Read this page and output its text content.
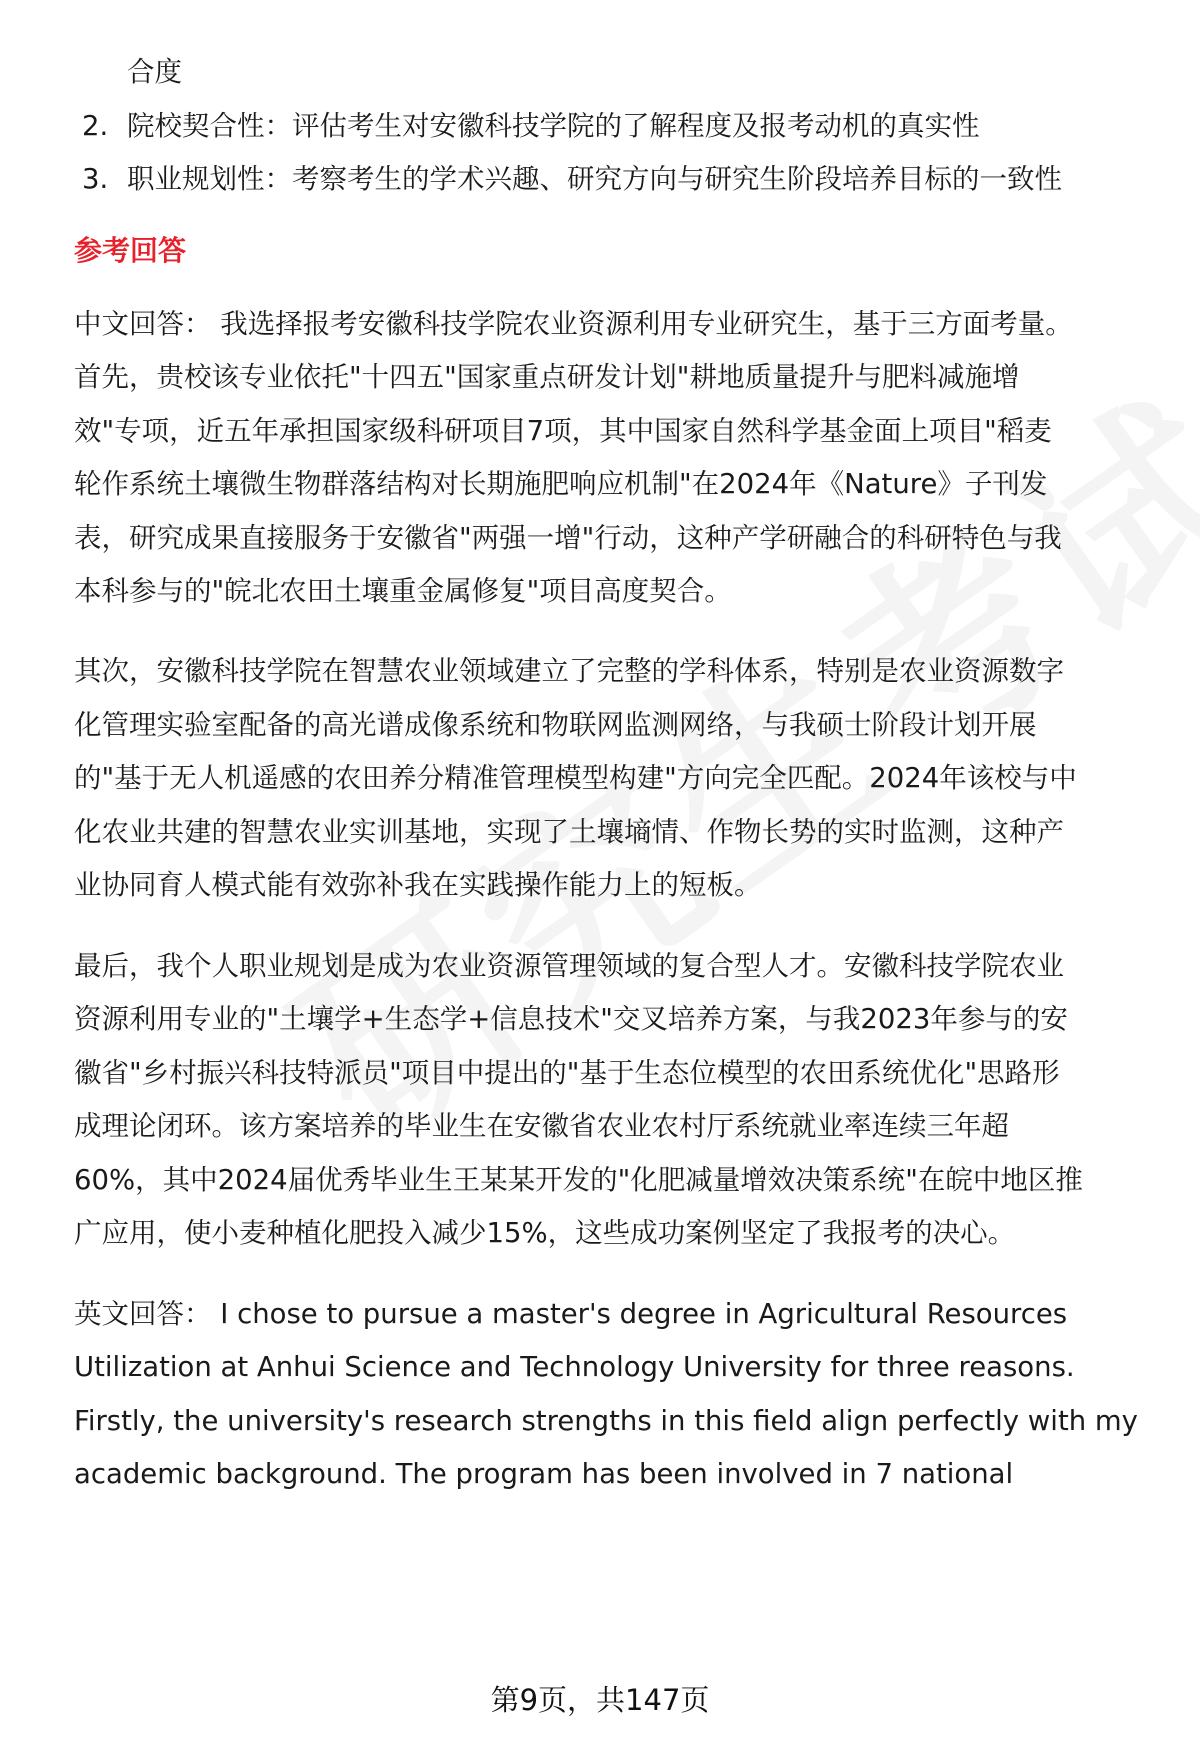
合度
2. 院校契合性：评估考生对安徽科技学院的了解程度及报考动机的真实性
3. 职业规划性：考察考生的学术兴趣、研究方向与研究生阶段培养目标的一致性
参考回答
中文回答： 我选择报考安徽科技学院农业资源利用专业研究生，基于三方面考量。
首先，贵校该专业依托"十四五"国家重点研发计划"耕地质量提升与肥料减施增
效"专项，近五年承担国家级科研项目7项，其中国家自然科学基金面上项目"稻麦
轮作系统土壤微生物群落结构对长期施肥响应机制"在2024年《Nature》子刊发
表，研究成果直接服务于安徽省"两强一增"行动，这种产学研融合的科研特色与我
本科参与的"皖北农田土壤重金属修复"项目高度契合。
其次，安徽科技学院在智慧农业领域建立了完整的学科体系，特别是农业资源数字
化管理实验室配备的高光谱成像系统和物联网监测网络，与我硕士阶段计划开展
的"基于无人机遥感的农田养分精准管理模型构建"方向完全匹配。2024年该校与中
化农业共建的智慧农业实训基地，实现了土壤墒情、作物长势的实时监测，这种产
业协同育人模式能有效弥补我在实践操作能力上的短板。
最后，我个人职业规划是成为农业资源管理领域的复合型人才。安徽科技学院农业
资源利用专业的"土壤学+生态学+信息技术"交叉培养方案，与我2023年参与的安
徽省"乡村振兴科技特派员"项目中提出的"基于生态位模型的农田系统优化"思路形
成理论闭环。该方案培养的毕业生在安徽省农业农村厅系统就业率连续三年超
60%，其中2024届优秀毕业生王某某开发的"化肥减量增效决策系统"在皖中地区推
广应用，使小麦种植化肥投入减少15%，这些成功案例坚定了我报考的决心。
英文回答： I chose to pursue a master's degree in Agricultural Resources
Utilization at Anhui Science and Technology University for three reasons.
Firstly, the university's research strengths in this field align perfectly with my
academic background. The program has been involved in 7 national
第9页，共147页
